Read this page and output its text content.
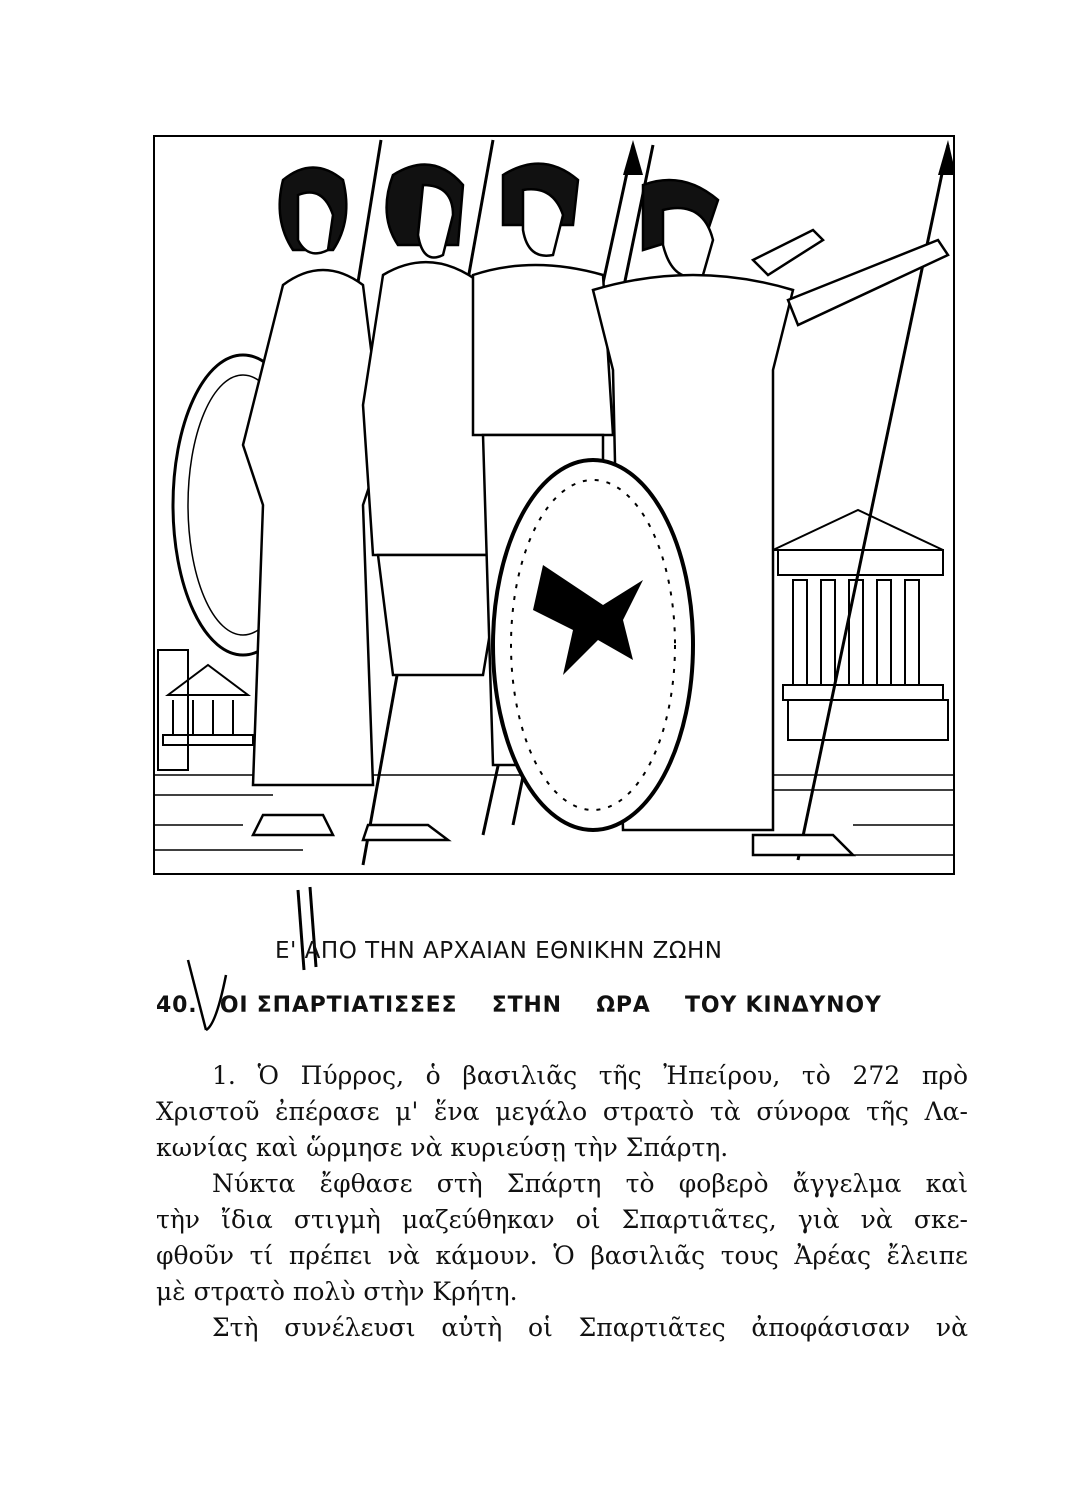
Ε' ΑΠΟ ΤΗΝ ΑΡΧΑΙΑΝ ΕΘΝΙΚΗΝ ΖΩΗΝ
40. ΟΙ ΣΠΑΡΤΙΑΤΙΣΣΕΣ ΣΤΗΝ ΩΡΑ ΤΟΥ ΚΙΝΔΥΝΟΥ

1. Ὁ Πύρρος, ὁ βασιλιᾶς τῆς Ἠπείρου, τὸ 272 πρὸ

Χριστοῦ ἐπέρασε μ' ἕνα μεγάλο στρατὸ τὰ σύνορα τῆς Λα-

κωνίας καὶ ὥρμησε νὰ κυριεύσῃ τὴν Σπάρτη.

Νύκτα ἔφθασε στὴ Σπάρτη τὸ φοβερὸ ἄγγελμα καὶ

τὴν ἴδια στιγμὴ μαζεύθηκαν οἱ Σπαρτιᾶτες, γιὰ νὰ σκε-

φθοῦν τί πρέπει νὰ κάμουν. Ὁ βασιλιᾶς τους Ἀρέας ἔλειπε

μὲ στρατὸ πολὺ στὴν Κρήτη.

Στὴ συνέλευσι αὐτὴ οἱ Σπαρτιᾶτες ἀποφάσισαν νὰ
